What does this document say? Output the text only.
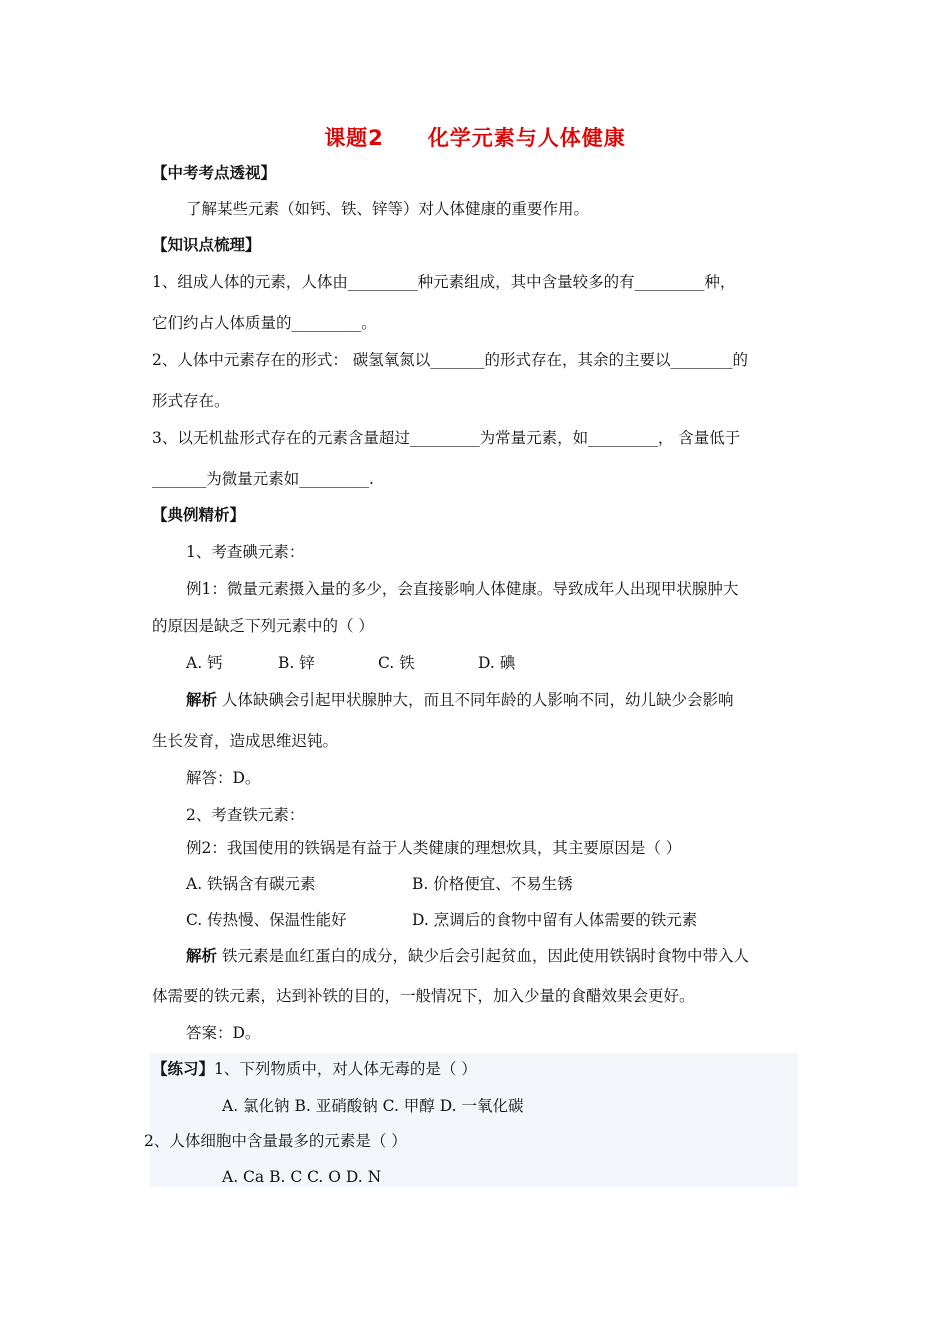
课题2 化学元素与人体健康
【中考考点透视】
了解某些元素（如钙、铁、锌等）对人体健康的重要作用。
【知识点梳理】
1、组成人体的元素，人体由_________种元素组成，其中含量较多的有_________种，
它们约占人体质量的_________。
2、人体中元素存在的形式： 碳氢氧氮以_______的形式存在，其余的主要以________的
形式存在。
3、以无机盐形式存在的元素含量超过_________为常量元素，如_________， 含量低于
_______为微量元素如_________.
【典例精析】
1、考查碘元素：
例1：微量元素摄入量的多少，会直接影响人体健康。导致成年人出现甲状腺肿大
的原因是缺乏下列元素中的（ ）
A. 钙	B. 锌	C. 铁	D. 碘
解析 人体缺碘会引起甲状腺肿大，而且不同年龄的人影响不同，幼儿缺少会影响
生长发育，造成思维迟钝。
解答：D。
2、考查铁元素：
例2：我国使用的铁锅是有益于人类健康的理想炊具，其主要原因是（ ）
A. 铁锅含有碳元素	B. 价格便宜、不易生锈
C. 传热慢、保温性能好	D. 烹调后的食物中留有人体需要的铁元素
解析 铁元素是血红蛋白的成分，缺少后会引起贫血，因此使用铁锅时食物中带入人
体需要的铁元素，达到补铁的目的，一般情况下，加入少量的食醋效果会更好。
答案：D。
【练习】1、下列物质中，对人体无毒的是（ ）
A. 氯化钠 B. 亚硝酸钠 C. 甲醇 D. 一氧化碳
2、人体细胞中含量最多的元素是（ ）
A. Ca B. C C. O D. N
